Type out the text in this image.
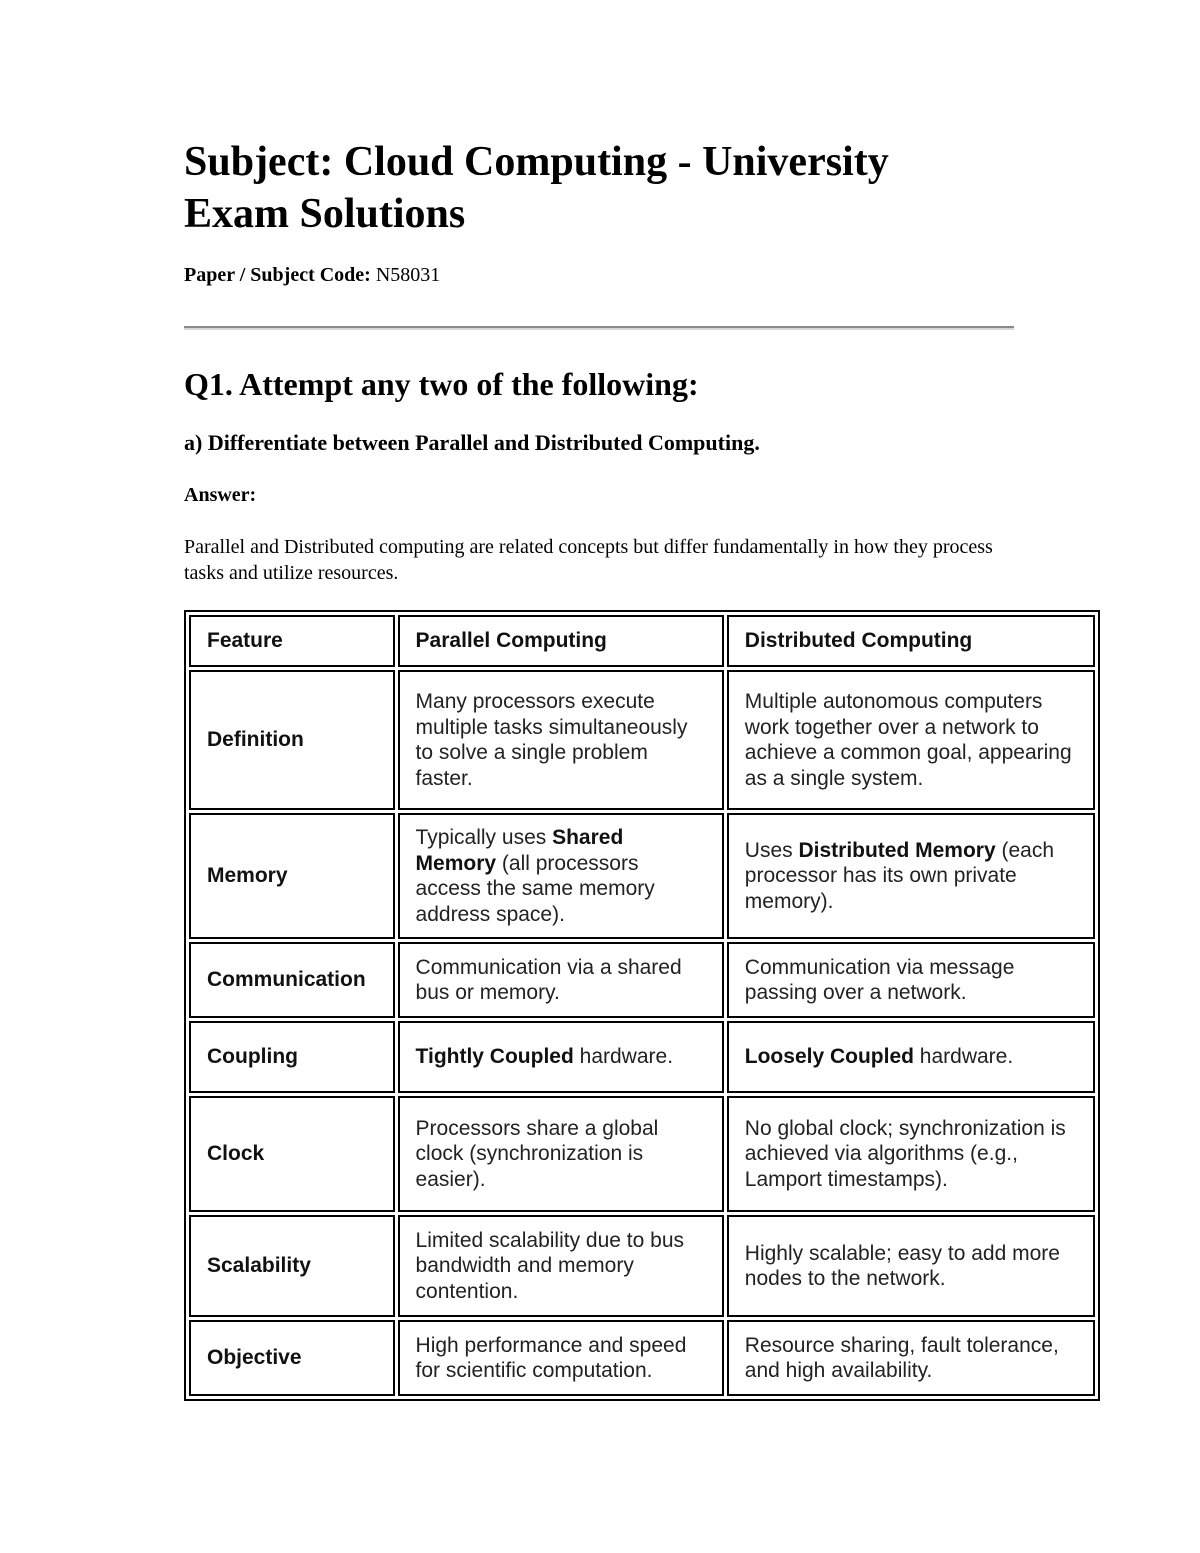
Subject: Cloud Computing - University Exam Solutions
Paper / Subject Code: N58031
Q1. Attempt any two of the following:
a) Differentiate between Parallel and Distributed Computing.
Answer:

Parallel and Distributed computing are related concepts but differ fundamentally in how they process tasks and utilize resources.

Feature	Parallel Computing	Distributed Computing
Definition	Many processors execute multiple tasks simultaneously to solve a single problem faster.	Multiple autonomous computers work together over a network to achieve a common goal, appearing as a single system.
Memory	Typically uses Shared Memory (all processors access the same memory address space).	Uses Distributed Memory (each processor has its own private memory).
Communication	Communication via a shared bus or memory.	Communication via message passing over a network.
Coupling	Tightly Coupled hardware.	Loosely Coupled hardware.
Clock	Processors share a global clock (synchronization is easier).	No global clock; synchronization is achieved via algorithms (e.g., Lamport timestamps).
Scalability	Limited scalability due to bus bandwidth and memory contention.	Highly scalable; easy to add more nodes to the network.
Objective	High performance and speed for scientific computation.	Resource sharing, fault tolerance, and high availability.
